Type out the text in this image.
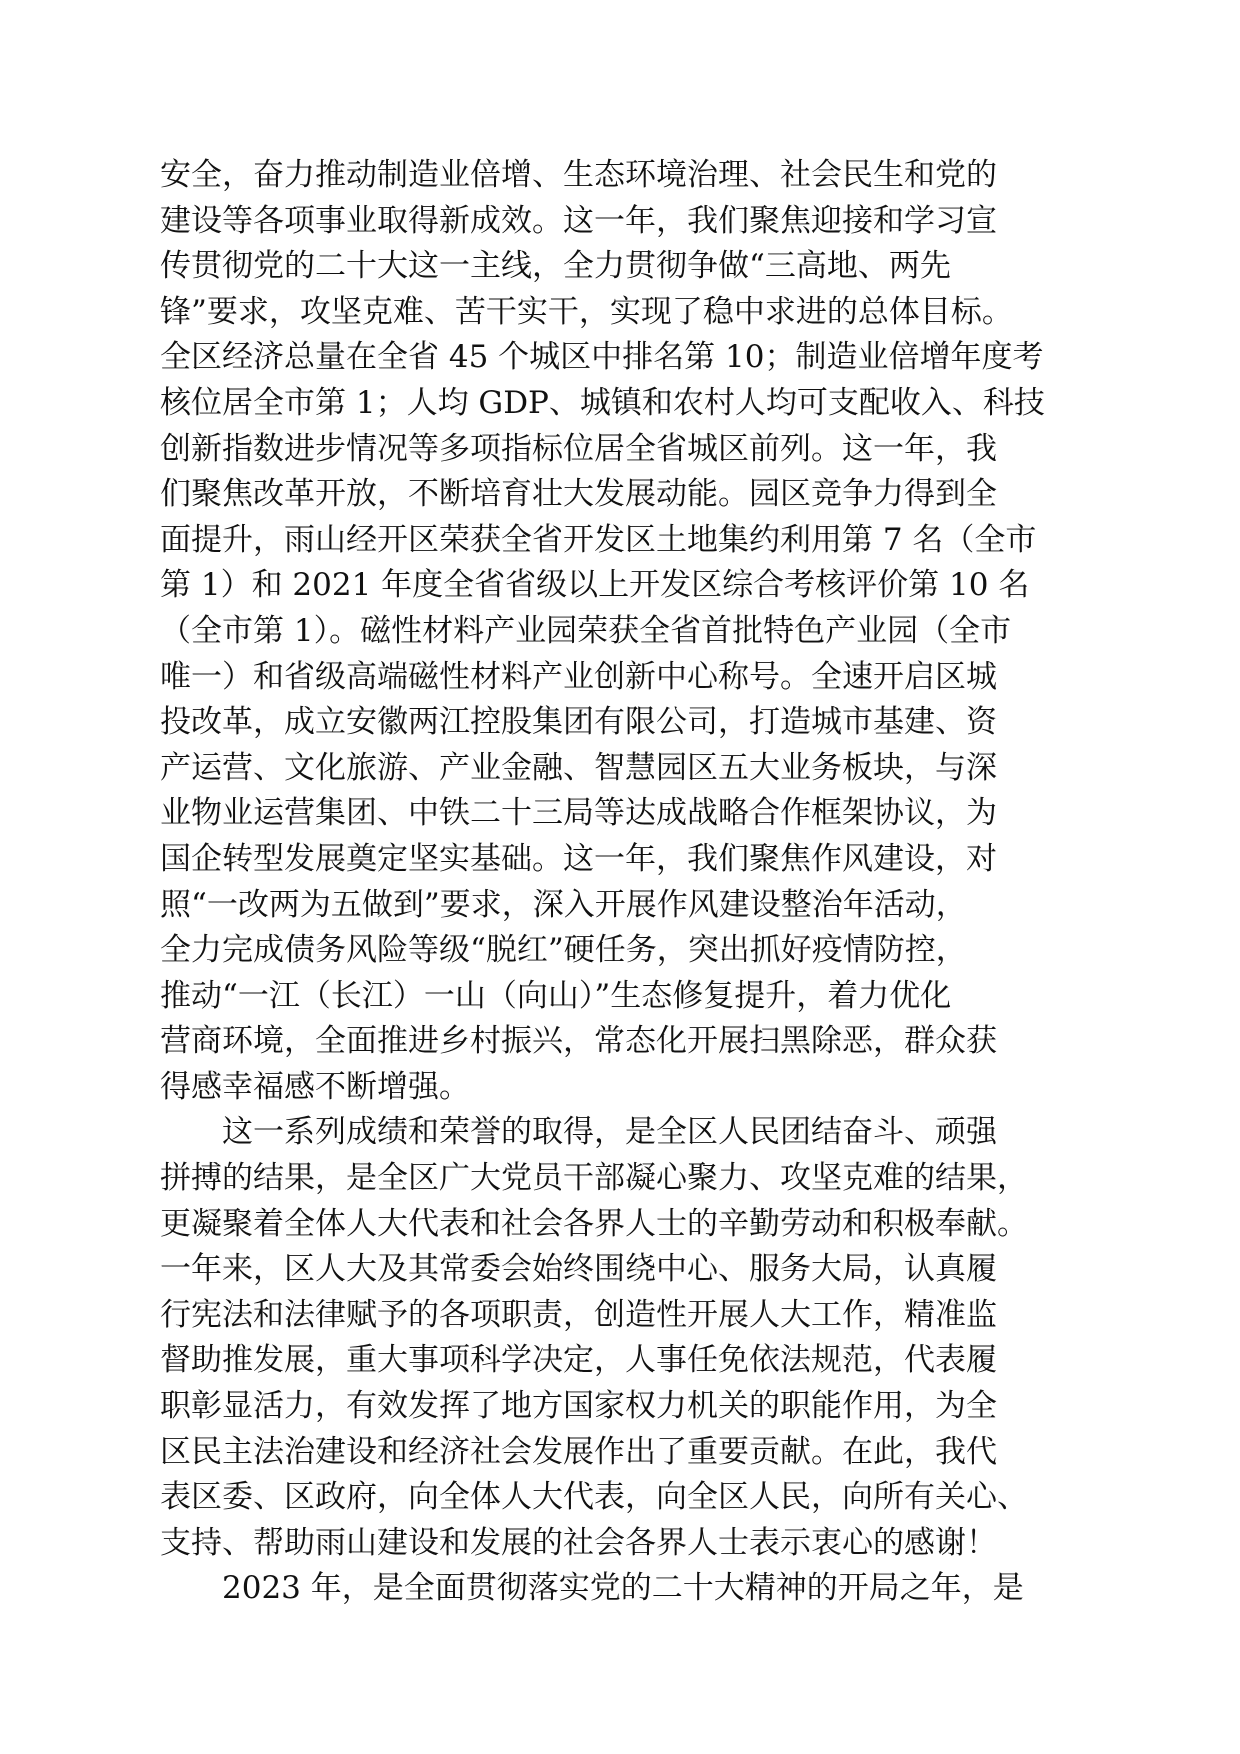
安全，奋力推动制造业倍增、生态环境治理、社会民生和党的
建设等各项事业取得新成效。这一年，我们聚焦迎接和学习宣
传贯彻党的二十大这一主线，全力贯彻争做“三高地、两先
锋”要求，攻坚克难、苦干实干，实现了稳中求进的总体目标。
全区经济总量在全省 45 个城区中排名第 10；制造业倍增年度考
核位居全市第 1；人均 GDP、城镇和农村人均可支配收入、科技
创新指数进步情况等多项指标位居全省城区前列。这一年，我
们聚焦改革开放，不断培育壮大发展动能。园区竞争力得到全
面提升，雨山经开区荣获全省开发区土地集约利用第 7 名（全市
第 1）和 2021 年度全省省级以上开发区综合考核评价第 10 名
（全市第 1）。磁性材料产业园荣获全省首批特色产业园（全市
唯一）和省级高端磁性材料产业创新中心称号。全速开启区城
投改革，成立安徽两江控股集团有限公司，打造城市基建、资
产运营、文化旅游、产业金融、智慧园区五大业务板块，与深
业物业运营集团、中铁二十三局等达成战略合作框架协议，为
国企转型发展奠定坚实基础。这一年，我们聚焦作风建设，对
照“一改两为五做到”要求，深入开展作风建设整治年活动，
全力完成债务风险等级“脱红”硬任务，突出抓好疫情防控，
推动“一江（长江）一山（向山）”生态修复提升，着力优化
营商环境，全面推进乡村振兴，常态化开展扫黑除恶，群众获
得感幸福感不断增强。
这一系列成绩和荣誉的取得，是全区人民团结奋斗、顽强
拼搏的结果，是全区广大党员干部凝心聚力、攻坚克难的结果，
更凝聚着全体人大代表和社会各界人士的辛勤劳动和积极奉献。
一年来，区人大及其常委会始终围绕中心、服务大局，认真履
行宪法和法律赋予的各项职责，创造性开展人大工作，精准监
督助推发展，重大事项科学决定，人事任免依法规范，代表履
职彰显活力，有效发挥了地方国家权力机关的职能作用，为全
区民主法治建设和经济社会发展作出了重要贡献。在此，我代
表区委、区政府，向全体人大代表，向全区人民，向所有关心、
支持、帮助雨山建设和发展的社会各界人士表示衷心的感谢！
2023 年，是全面贯彻落实党的二十大精神的开局之年，是
